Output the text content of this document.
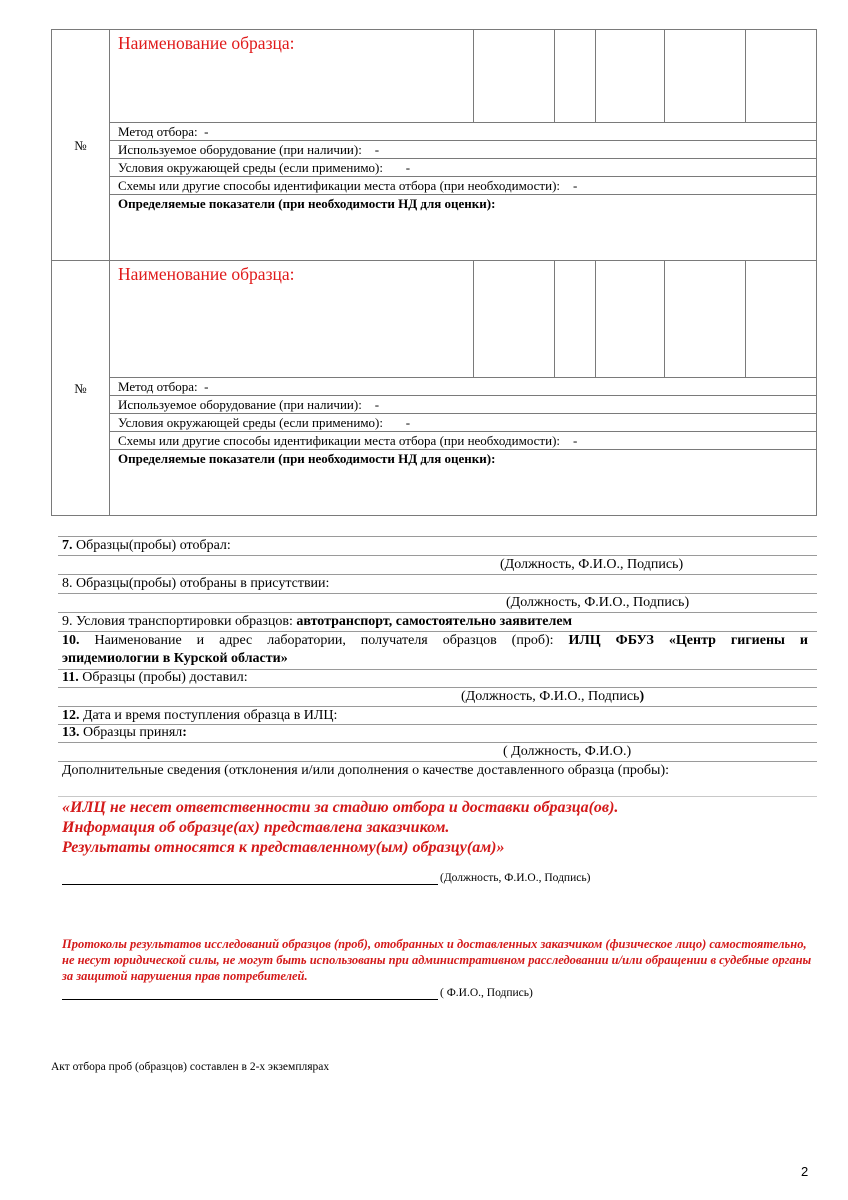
№
Наименование образца:
Метод отбора:  -
Используемое оборудование (при наличии):    -
Условия окружающей среды (если применимо):       -
Схемы или другие способы идентификации места отбора (при необходимости):    -
Определяемые показатели (при необходимости НД для оценки):
№
Наименование образца:
Метод отбора:  -
Используемое оборудование (при наличии):    -
Условия окружающей среды (если применимо):       -
Схемы или другие способы идентификации места отбора (при необходимости):    -
Определяемые показатели (при необходимости НД для оценки):
7. Образцы(пробы) отобрал:
(Должность, Ф.И.О., Подпись)
8. Образцы(пробы) отобраны в присутствии:
(Должность, Ф.И.О., Подпись)
9. Условия транспортировки образцов: автотранспорт, самостоятельно заявителем
10. Наименование и адрес лаборатории, получателя образцов (проб): ИЛЦ ФБУЗ «Центр гигиены и
эпидемиологии в Курской области»
11. Образцы (пробы) доставил:
(Должность, Ф.И.О., Подпись)
12. Дата и время поступления образца в ИЛЦ:
13. Образцы принял:
( Должность, Ф.И.О.)
Дополнительные сведения (отклонения и/или дополнения о качестве доставленного образца (пробы):
«ИЛЦ не несет ответственности за стадию отбора и доставки образца(ов).
Информация об образце(ах) представлена заказчиком.
Результаты относятся к представленному(ым) образцу(ам)»
(Должность, Ф.И.О., Подпись)
Протоколы результатов исследований образцов (проб), отобранных и доставленных заказчиком (физическое лицо) самостоятельно, не несут юридической силы, не могут быть использованы при административном расследовании и/или обращении в судебные органы за защитой нарушения прав потребителей.
( Ф.И.О., Подпись)
Акт отбора проб (образцов) составлен в 2-х экземплярах
2
